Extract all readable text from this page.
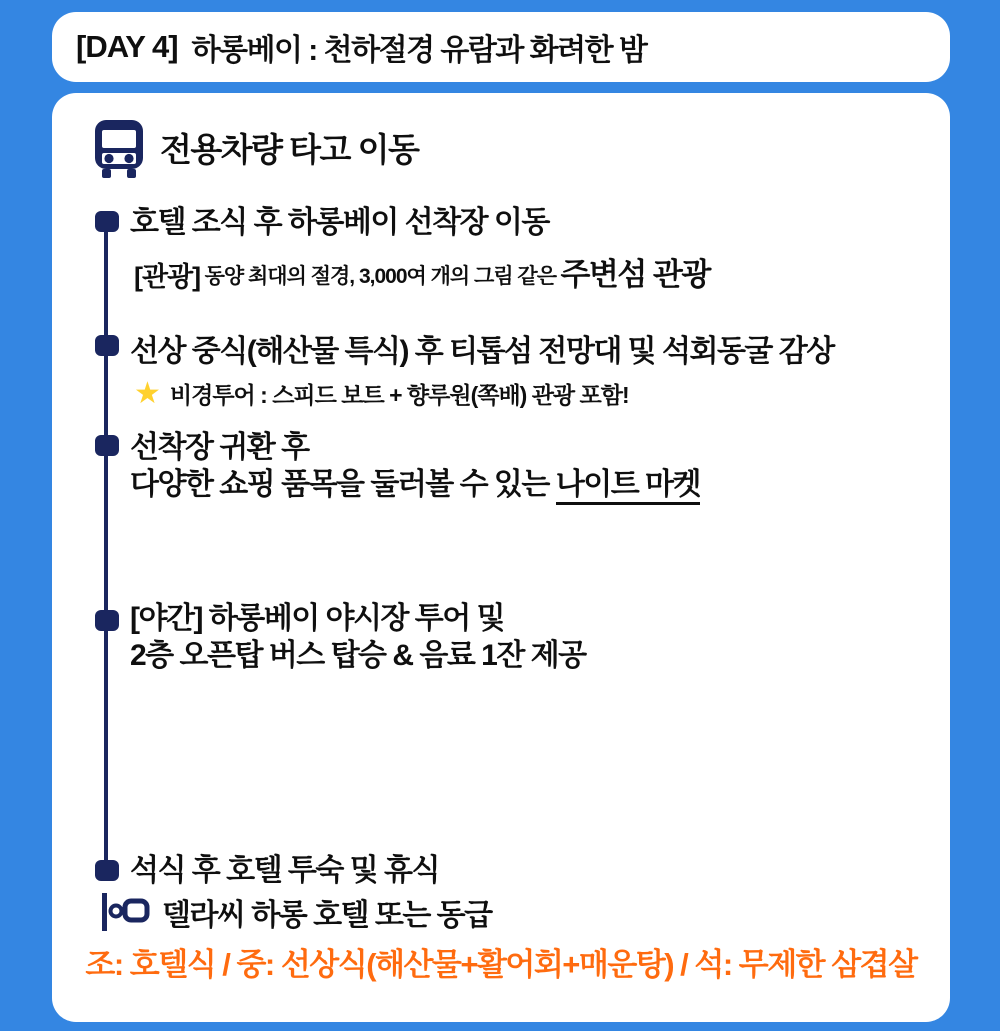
[DAY 4] 하롱베이 : 천하절경 유람과 화려한 밤
전용차량 타고 이동
호텔 조식 후 하롱베이 선착장 이동
[관광] 동양 최대의 절경, 3,000여 개의 그림 같은 주변섬 관광
선상 중식(해산물 특식) 후 티톱섬 전망대 및 석회동굴 감상
★ 비경투어 : 스피드 보트 + 향루원(쪽배) 관광 포함!
선착장 귀환 후
다양한 쇼핑 품목을 둘러볼 수 있는 나이트 마켓
[야간] 하롱베이 야시장 투어 및
2층 오픈탑 버스 탑승 & 음료 1잔 제공
석식 후 호텔 투숙 및 휴식
델라씨 하롱 호텔 또는 동급
조: 호텔식 / 중: 선상식(해산물+활어회+매운탕) / 석: 무제한 삼겹살
